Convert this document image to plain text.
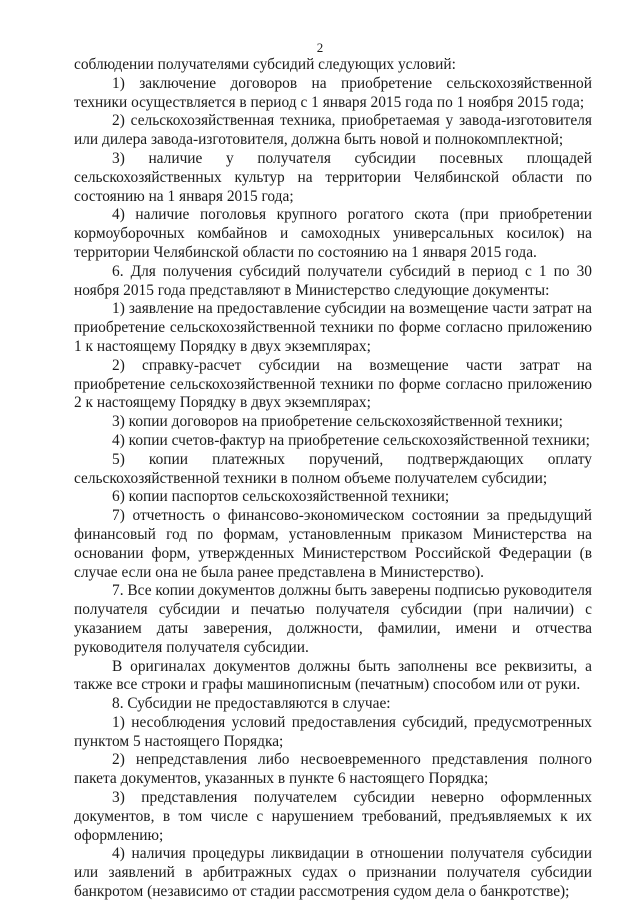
2

соблюдении получателями субсидий следующих условий:

1) заключение договоров на приобретение сельскохозяйственной техники осуществляется в период с 1 января 2015 года по 1 ноября 2015 года;

2) сельскохозяйственная техника, приобретаемая у завода-изготовителя или дилера завода-изготовителя, должна быть новой и полнокомплектной;

3) наличие у получателя субсидии посевных площадей сельскохозяйственных культур на территории Челябинской области по состоянию на 1 января 2015 года;

4) наличие поголовья крупного рогатого скота (при приобретении кормоуборочных комбайнов и самоходных универсальных косилок) на территории Челябинской области по состоянию на 1 января 2015 года.

6. Для получения субсидий получатели субсидий в период с 1 по 30 ноября 2015 года представляют в Министерство следующие документы:

1) заявление на предоставление субсидии на возмещение части затрат на приобретение сельскохозяйственной техники по форме согласно приложению 1 к настоящему Порядку в двух экземплярах;

2) справку-расчет субсидии на возмещение части затрат на приобретение сельскохозяйственной техники по форме согласно приложению 2 к настоящему Порядку в двух экземплярах;

3) копии договоров на приобретение сельскохозяйственной техники;

4) копии счетов-фактур на приобретение сельскохозяйственной техники;

5) копии платежных поручений, подтверждающих оплату сельскохозяйственной техники в полном объеме получателем субсидии;

6) копии паспортов сельскохозяйственной техники;

7) отчетность о финансово-экономическом состоянии за предыдущий финансовый год по формам, установленным приказом Министерства на основании форм, утвержденных Министерством Российской Федерации (в случае если она не была ранее представлена в Министерство).

7. Все копии документов должны быть заверены подписью руководителя получателя субсидии и печатью получателя субсидии (при наличии) с указанием даты заверения, должности, фамилии, имени и отчества руководителя получателя субсидии.

В оригиналах документов должны быть заполнены все реквизиты, а также все строки и графы машинописным (печатным) способом или от руки.

8. Субсидии не предоставляются в случае:

1) несоблюдения условий предоставления субсидий, предусмотренных пунктом 5 настоящего Порядка;

2) непредставления либо несвоевременного представления полного пакета документов, указанных в пункте 6 настоящего Порядка;

3) представления получателем субсидии неверно оформленных документов, в том числе с нарушением требований, предъявляемых к их оформлению;

4) наличия процедуры ликвидации в отношении получателя субсидии или заявлений в арбитражных судах о признании получателя субсидии банкротом (независимо от стадии рассмотрения судом дела о банкротстве);
